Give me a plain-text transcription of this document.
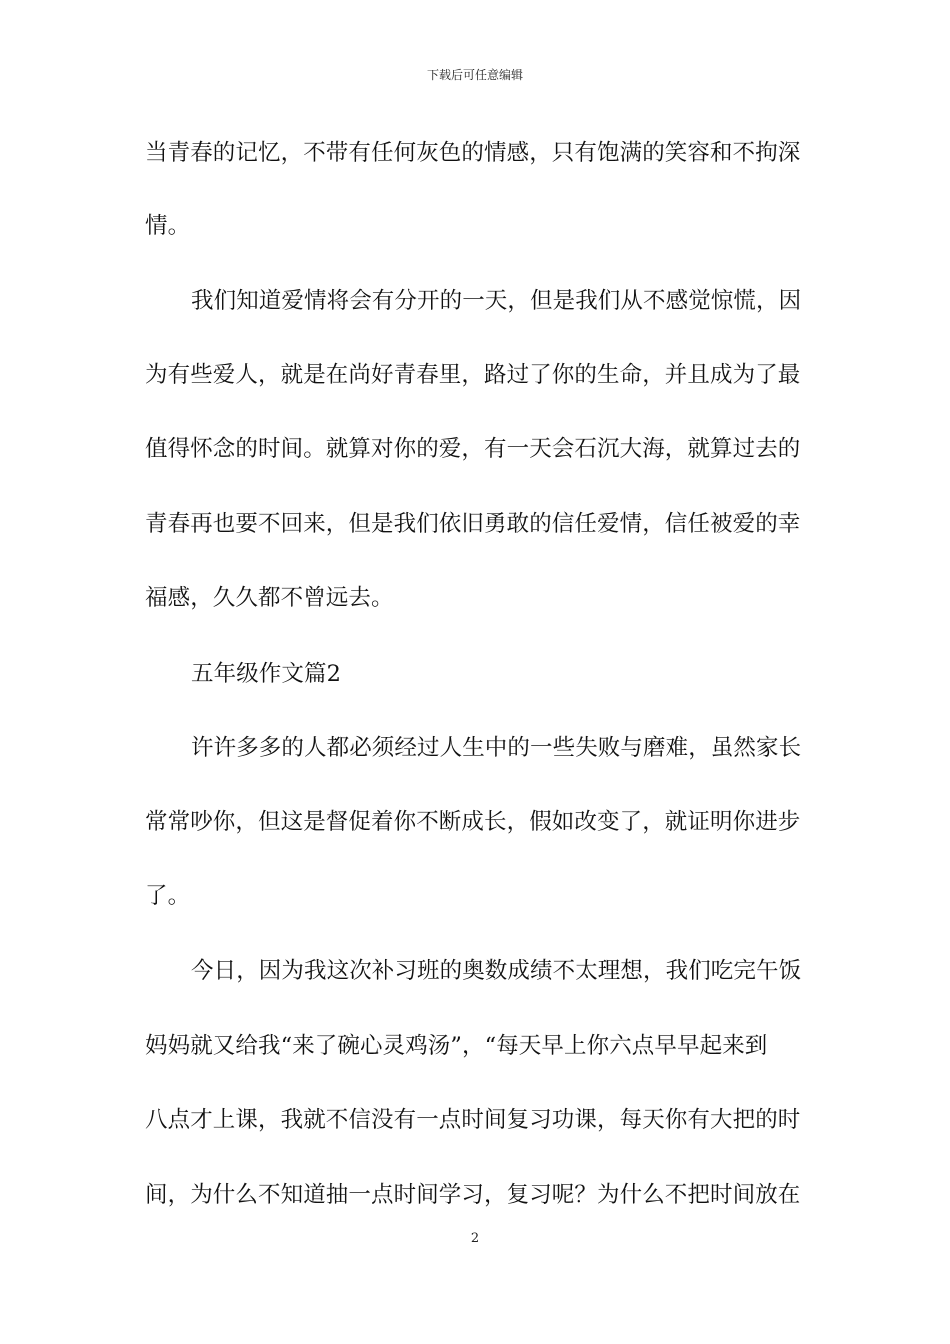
下载后可任意编辑
当青春的记忆，不带有任何灰色的情感，只有饱满的笑容和不拘深
情。
我们知道爱情将会有分开的一天，但是我们从不感觉惊慌，因
为有些爱人，就是在尚好青春里，路过了你的生命，并且成为了最
值得怀念的时间。就算对你的爱，有一天会石沉大海，就算过去的
青春再也要不回来，但是我们依旧勇敢的信任爱情，信任被爱的幸
福感，久久都不曾远去。
五年级作文篇2
许许多多的人都必须经过人生中的一些失败与磨难，虽然家长
常常吵你，但这是督促着你不断成长，假如改变了，就证明你进步
了。
今日，因为我这次补习班的奥数成绩不太理想，我们吃完午饭
妈妈就又给我“来了碗心灵鸡汤”，“每天早上你六点早早起来到
八点才上课，我就不信没有一点时间复习功课，每天你有大把的时
间，为什么不知道抽一点时间学习，复习呢？为什么不把时间放在
2
